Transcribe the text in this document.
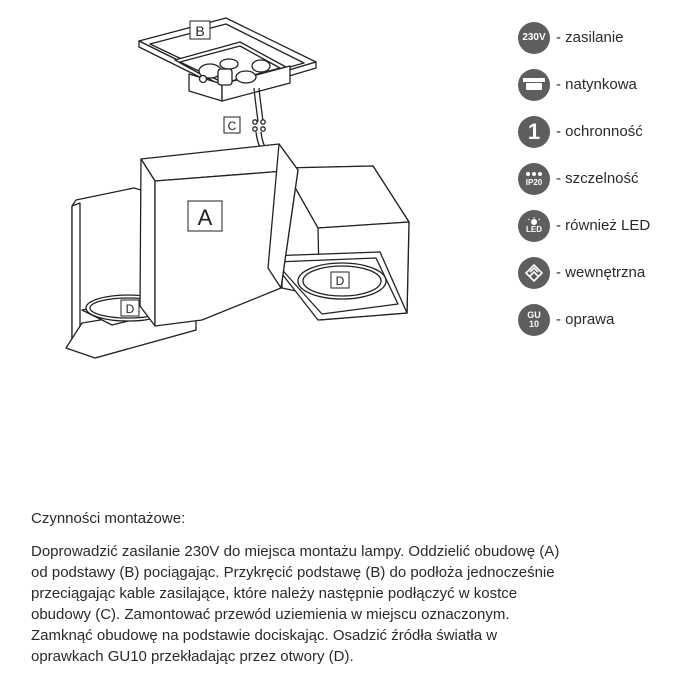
A
B
C
D
D
230V - zasilanie
- natynkowa
1 - ochronność
IP20 - szczelność
LED - również LED
- wewnętrzna
GU 10 - oprawa
Czynności montażowe:
Doprowadzić zasilanie 230V do miejsca montażu lampy. Oddzielić obudowę (A) od podstawy (B) pociągając. Przykręcić podstawę (B) do podłoża jednocześnie przeciągając kable zasilające, które należy następnie podłączyć w kostce obudowy (C). Zamontować przewód uziemienia w miejscu oznaczonym. Zamknąć obudowę na podstawie dociskając. Osadzić źródła światła w oprawkach GU10 przekładając przez otwory (D).
